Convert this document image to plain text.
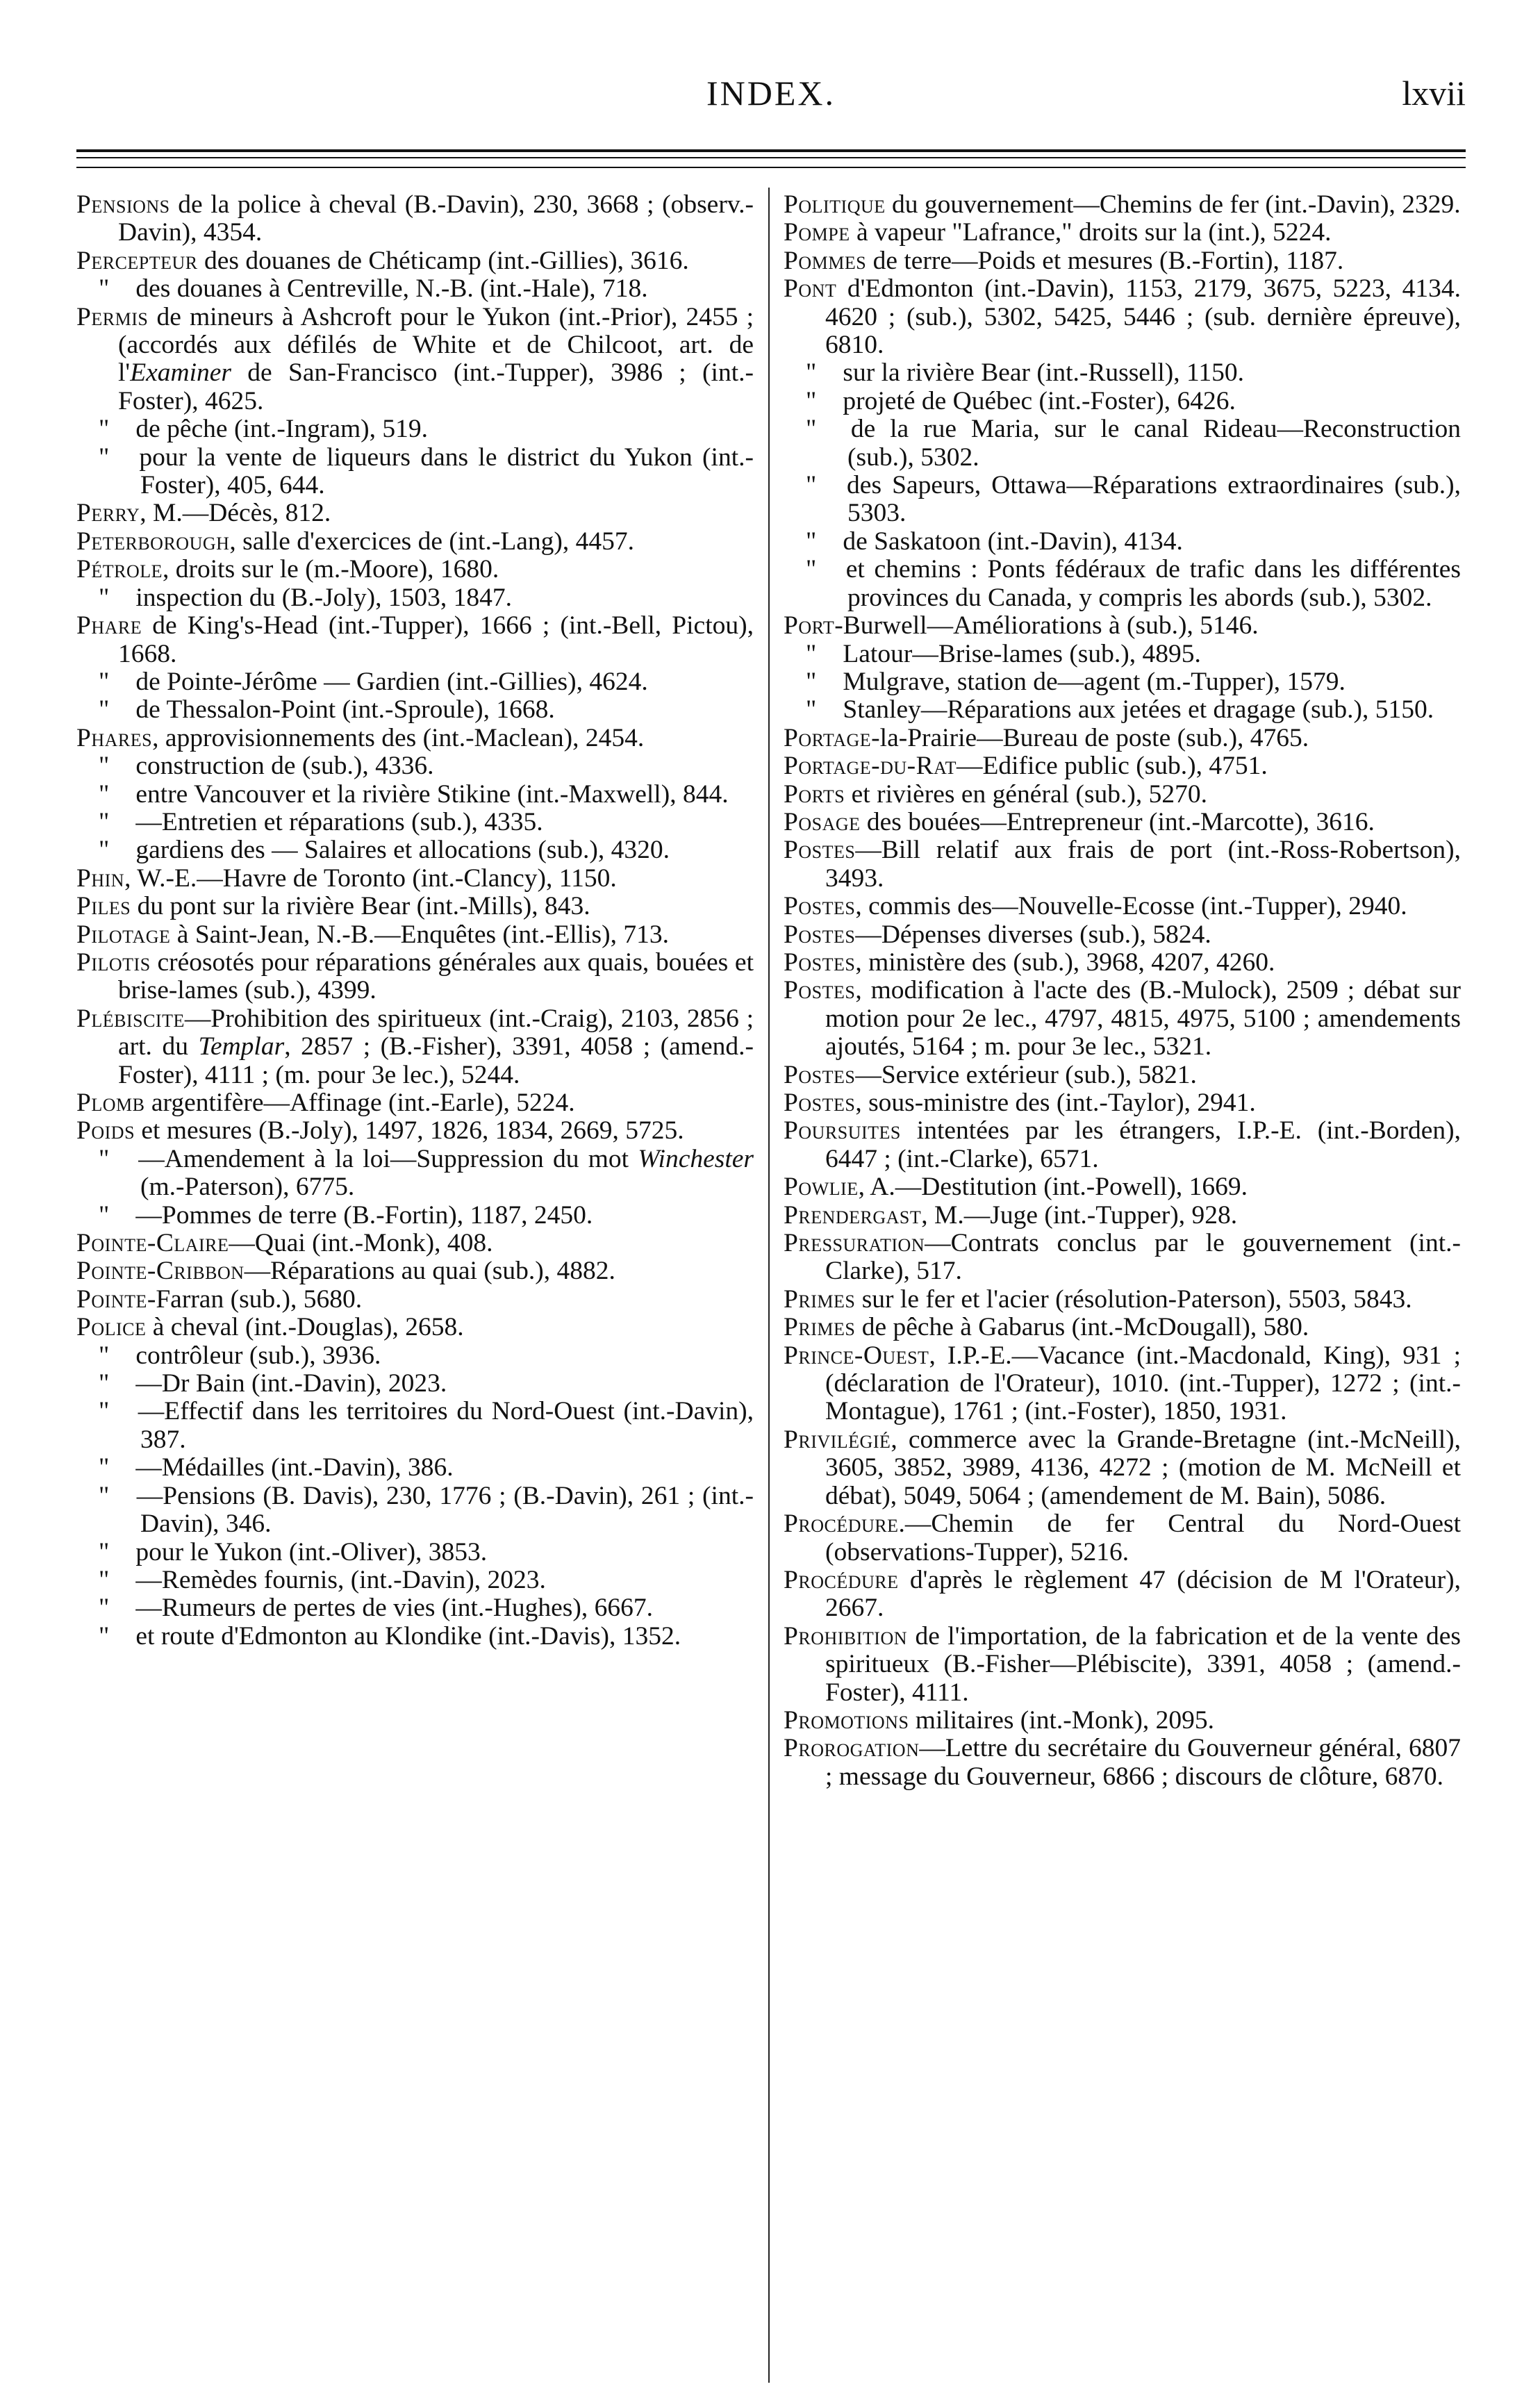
INDEX.	lxvii
Pensions de la police à cheval (B.-Davin), 230, 3668 ; (observ.-Davin), 4354.
Percepteur des douanes de Chéticamp (int.-Gillies), 3616.
" des douanes à Centreville, N.-B. (int.-Hale), 718.
Permis de mineurs à Ashcroft pour le Yukon (int.-Prior), 2455 ; (accordés aux défilés de White et de Chilcoot, art. de l'Examiner de San-Francisco (int.-Tupper), 3986 ; (int.-Foster), 4625.
" de pêche (int.-Ingram), 519.
" pour la vente de liqueurs dans le district du Yukon (int.-Foster), 405, 644.
Perry, M.—Décès, 812.
Peterborough, salle d'exercices de (int.-Lang), 4457.
Pétrole, droits sur le (m.-Moore), 1680.
" inspection du (B.-Joly), 1503, 1847.
Phare de King's-Head (int.-Tupper), 1666 ; (int.-Bell, Pictou), 1668.
" de Pointe-Jérôme — Gardien (int.-Gillies), 4624.
" de Thessalon-Point (int.-Sproule), 1668.
Phares, approvisionnements des (int.-Maclean), 2454.
" construction de (sub.), 4336.
" entre Vancouver et la rivière Stikine (int.-Maxwell), 844.
" —Entretien et réparations (sub.), 4335.
" gardiens des — Salaires et allocations (sub.), 4320.
Phin, W.-E.—Havre de Toronto (int.-Clancy), 1150.
Piles du pont sur la rivière Bear (int.-Mills), 843.
Pilotage à Saint-Jean, N.-B.—Enquêtes (int.-Ellis), 713.
Pilotis créosotés pour réparations générales aux quais, bouées et brise-lames (sub.), 4399.
Plébiscite—Prohibition des spiritueux (int.-Craig), 2103, 2856 ; art. du Templar, 2857 ; (B.-Fisher), 3391, 4058 ; (amend.-Foster), 4111 ; (m. pour 3e lec.), 5244.
Plomb argentifère—Affinage (int.-Earle), 5224.
Poids et mesures (B.-Joly), 1497, 1826, 1834, 2669, 5725.
" —Amendement à la loi—Suppression du mot Winchester (m.-Paterson), 6775.
" —Pommes de terre (B.-Fortin), 1187, 2450.
Pointe-Claire—Quai (int.-Monk), 408.
Pointe-Cribbon—Réparations au quai (sub.), 4882.
Pointe-Farran (sub.), 5680.
Police à cheval (int.-Douglas), 2658.
" contrôleur (sub.), 3936.
" —Dr Bain (int.-Davin), 2023.
" —Effectif dans les territoires du Nord-Ouest (int.-Davin), 387.
" —Médailles (int.-Davin), 386.
" —Pensions (B. Davis), 230, 1776 ; (B.-Davin), 261 ; (int.-Davin), 346.
" pour le Yukon (int.-Oliver), 3853.
" —Remèdes fournis, (int.-Davin), 2023.
" —Rumeurs de pertes de vies (int.-Hughes), 6667.
" et route d'Edmonton au Klondike (int.-Davis), 1352.
Politique du gouvernement—Chemins de fer (int.-Davin), 2329.
Pompe à vapeur "Lafrance," droits sur la (int.), 5224.
Pommes de terre—Poids et mesures (B.-Fortin), 1187.
Pont d'Edmonton (int.-Davin), 1153, 2179, 3675, 5223, 4134. 4620 ; (sub.), 5302, 5425, 5446 ; (sub. dernière épreuve), 6810.
" sur la rivière Bear (int.-Russell), 1150.
" projeté de Québec (int.-Foster), 6426.
" de la rue Maria, sur le canal Rideau—Reconstruction (sub.), 5302.
" des Sapeurs, Ottawa—Réparations extraordinaires (sub.), 5303.
" de Saskatoon (int.-Davin), 4134.
" et chemins : Ponts fédéraux de trafic dans les différentes provinces du Canada, y compris les abords (sub.), 5302.
Port-Burwell—Améliorations à (sub.), 5146.
" Latour—Brise-lames (sub.), 4895.
" Mulgrave, station de—agent (m.-Tupper), 1579.
" Stanley—Réparations aux jetées et dragage (sub.), 5150.
Portage-la-Prairie—Bureau de poste (sub.), 4765.
Portage-du-Rat—Edifice public (sub.), 4751.
Ports et rivières en général (sub.), 5270.
Posage des bouées—Entrepreneur (int.-Marcotte), 3616.
Postes—Bill relatif aux frais de port (int.-Ross-Robertson), 3493.
Postes, commis des—Nouvelle-Ecosse (int.-Tupper), 2940.
Postes—Dépenses diverses (sub.), 5824.
Postes, ministère des (sub.), 3968, 4207, 4260.
Postes, modification à l'acte des (B.-Mulock), 2509 ; débat sur motion pour 2e lec., 4797, 4815, 4975, 5100 ; amendements ajoutés, 5164 ; m. pour 3e lec., 5321.
Postes—Service extérieur (sub.), 5821.
Postes, sous-ministre des (int.-Taylor), 2941.
Poursuites intentées par les étrangers, I.P.-E. (int.-Borden), 6447 ; (int.-Clarke), 6571.
Powlie, A.—Destitution (int.-Powell), 1669.
Prendergast, M.—Juge (int.-Tupper), 928.
Pressuration—Contrats conclus par le gouvernement (int.-Clarke), 517.
Primes sur le fer et l'acier (résolution-Paterson), 5503, 5843.
Primes de pêche à Gabarus (int.-McDougall), 580.
Prince-Ouest, I.P.-E.—Vacance (int.-Macdonald, King), 931 ; (déclaration de l'Orateur), 1010. (int.-Tupper), 1272 ; (int.-Montague), 1761 ; (int.-Foster), 1850, 1931.
Privilégié, commerce avec la Grande-Bretagne (int.-McNeill), 3605, 3852, 3989, 4136, 4272 ; (motion de M. McNeill et débat), 5049, 5064 ; (amendement de M. Bain), 5086.
Procédure.—Chemin de fer Central du Nord-Ouest (observations-Tupper), 5216.
Procédure d'après le règlement 47 (décision de M l'Orateur), 2667.
Prohibition de l'importation, de la fabrication et de la vente des spiritueux (B.-Fisher—Plébiscite), 3391, 4058 ; (amend.-Foster), 4111.
Promotions militaires (int.-Monk), 2095.
Prorogation—Lettre du secrétaire du Gouverneur général, 6807 ; message du Gouverneur, 6866 ; discours de clôture, 6870.
